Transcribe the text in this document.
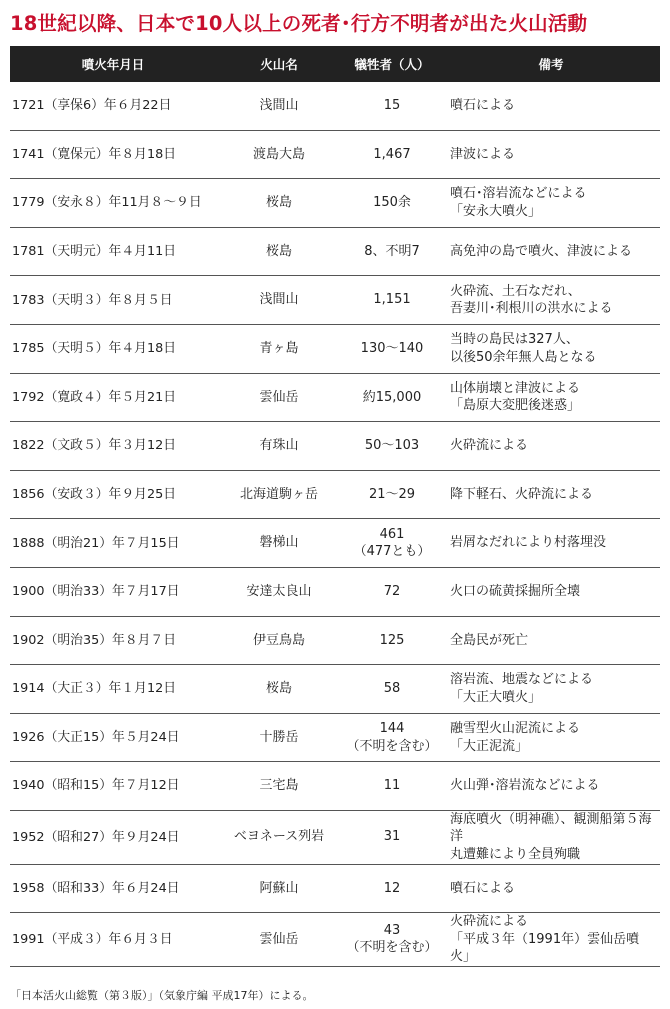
18世紀以降、日本で10人以上の死者･行方不明者が出た火山活動
噴火年月日	火山名	犠牲者（人）	備考
1721（享保6）年６月22日	浅間山	15	噴石による
1741（寛保元）年８月18日	渡島大島	1,467	津波による
1779（安永８）年11月８～９日	桜島	150余	噴石･溶岩流などによる
「安永大噴火」
1781（天明元）年４月11日	桜島	8、不明7	高免沖の島で噴火、津波による
1783（天明３）年８月５日	浅間山	1,151	火砕流、土石なだれ、
吾妻川･利根川の洪水による
1785（天明５）年４月18日	青ヶ島	130～140	当時の島民は327人、
以後50余年無人島となる
1792（寛政４）年５月21日	雲仙岳	約15,000	山体崩壊と津波による
「島原大変肥後迷惑」
1822（文政５）年３月12日	有珠山	50～103	火砕流による
1856（安政３）年９月25日	北海道駒ヶ岳	21～29	降下軽石、火砕流による
1888（明治21）年７月15日	磐梯山	461
（477とも）	岩屑なだれにより村落埋没
1900（明治33）年７月17日	安達太良山	72	火口の硫黄採掘所全壊
1902（明治35）年８月７日	伊豆鳥島	125	全島民が死亡
1914（大正３）年１月12日	桜島	58	溶岩流、地震などによる
「大正大噴火」
1926（大正15）年５月24日	十勝岳	144
（不明を含む）	融雪型火山泥流による
「大正泥流」
1940（昭和15）年７月12日	三宅島	11	火山弾･溶岩流などによる
1952（昭和27）年９月24日	ベヨネース列岩	31	海底噴火（明神礁）、観測船第５海洋
丸遭難により全員殉職
1958（昭和33）年６月24日	阿蘇山	12	噴石による
1991（平成３）年６月３日	雲仙岳	43
（不明を含む）	火砕流による
「平成３年（1991年）雲仙岳噴火」
「日本活火山総覧（第３版）」（気象庁編 平成17年）による。
